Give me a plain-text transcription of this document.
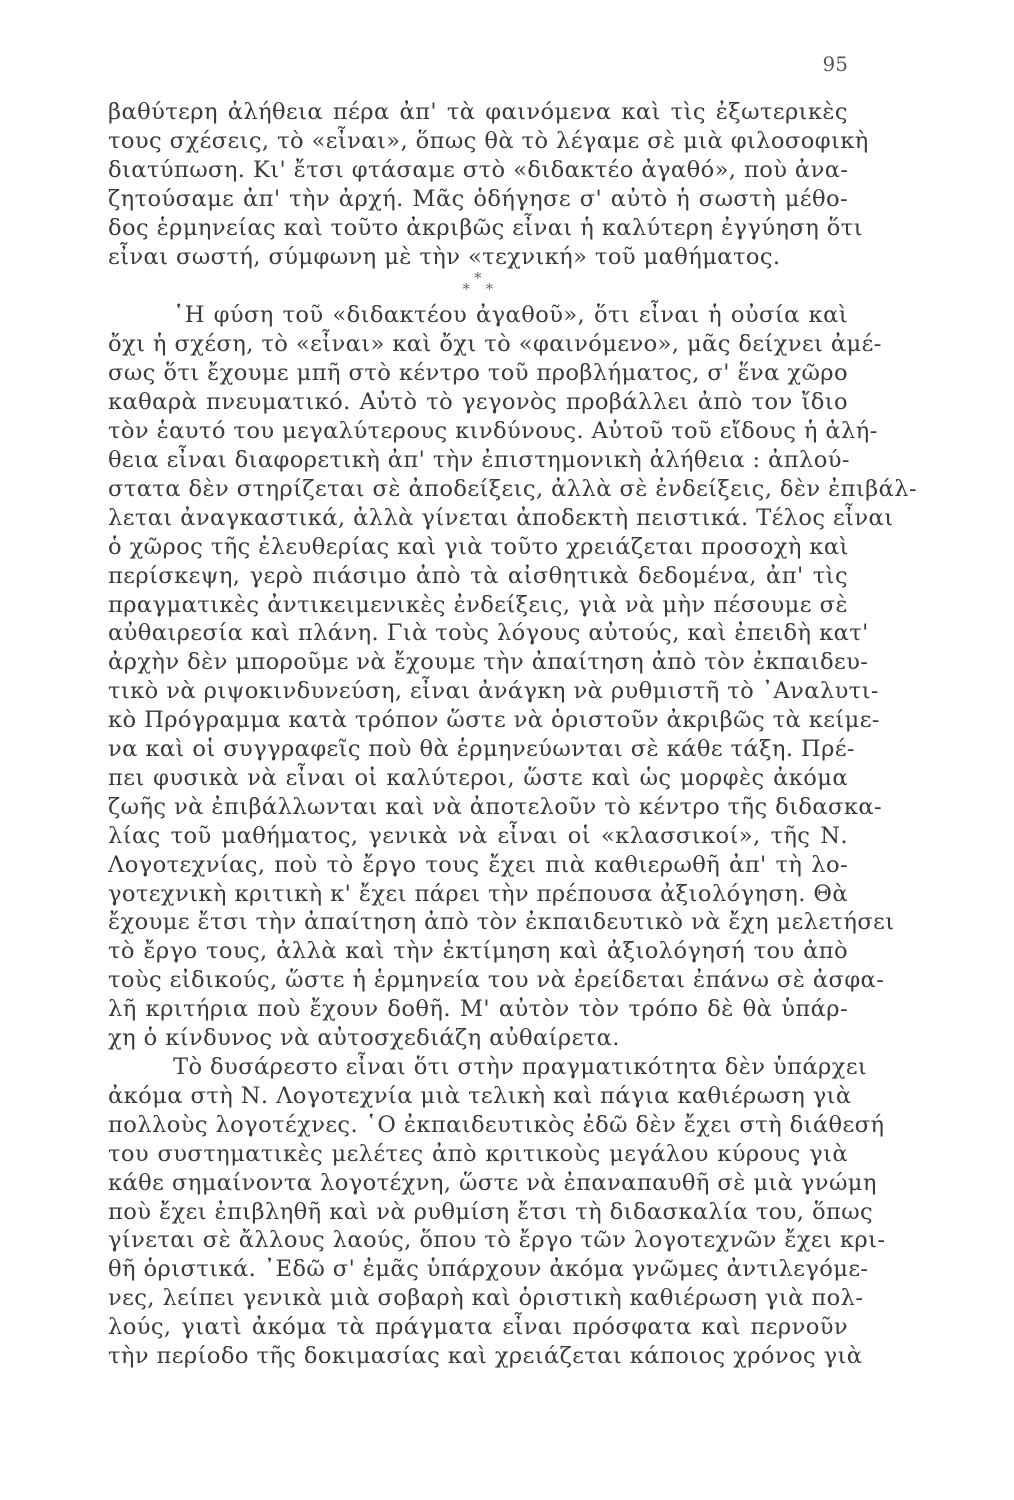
95
βαθύτερη ἀλήθεια πέρα ἀπ' τὰ φαινόμενα καὶ τὶς ἐξωτερικὲς
τους σχέσεις, τὸ «εἶναι», ὅπως θὰ τὸ λέγαμε σὲ μιὰ φιλοσοφικὴ
διατύπωση. Κι' ἔτσι φτάσαμε στὸ «διδακτέο ἀγαθό», ποὺ ἀνα-
ζητούσαμε ἀπ' τὴν ἀρχή. Μᾶς ὁδήγησε σ' αὐτὸ ἡ σωστὴ μέθο-
δος ἑρμηνείας καὶ τοῦτο ἀκριβῶς εἶναι ἡ καλύτερη ἐγγύηση ὅτι
εἶναι σωστή, σύμφωνη μὲ τὴν «τεχνική» τοῦ μαθήματος.
*
* *
῾Η φύση τοῦ «διδακτέου ἀγαθοῦ», ὅτι εἶναι ἡ οὐσία καὶ
ὄχι ἡ σχέση, τὸ «εἶναι» καὶ ὄχι τὸ «φαινόμενο», μᾶς δείχνει ἀμέ-
σως ὅτι ἔχουμε μπῆ στὸ κέντρο τοῦ προβλήματος, σ' ἕνα χῶρο
καθαρὰ πνευματικό. Αὐτὸ τὸ γεγονὸς προβάλλει ἀπὸ τον ἴδιο
τὸν ἑαυτό του μεγαλύτερους κινδύνους. Αὐτοῦ τοῦ εἴδους ἡ ἀλή-
θεια εἶναι διαφορετικὴ ἀπ' τὴν ἐπιστημονικὴ ἀλήθεια : ἀπλού-
στατα δὲν στηρίζεται σὲ ἀποδείξεις, ἀλλὰ σὲ ἐνδείξεις, δὲν ἐπιβάλ-
λεται ἀναγκαστικά, ἀλλὰ γίνεται ἀποδεκτὴ πειστικά. Τέλος εἶναι
ὁ χῶρος τῆς ἐλευθερίας καὶ γιὰ τοῦτο χρειάζεται προσοχὴ καὶ
περίσκεψη, γερὸ πιάσιμο ἀπὸ τὰ αἰσθητικὰ δεδομένα, ἀπ' τὶς
πραγματικὲς ἀντικειμενικὲς ἐνδείξεις, γιὰ νὰ μὴν πέσουμε σὲ
αὐθαιρεσία καὶ πλάνη. Γιὰ τοὺς λόγους αὐτούς, καὶ ἐπειδὴ κατ'
ἀρχὴν δὲν μποροῦμε νὰ ἔχουμε τὴν ἀπαίτηση ἀπὸ τὸν ἐκπαιδευ-
τικὸ νὰ ριψοκινδυνεύση, εἶναι ἀνάγκη νὰ ρυθμιστῆ τὸ ᾿Αναλυτι-
κὸ Πρόγραμμα κατὰ τρόπον ὥστε νὰ ὁριστοῦν ἀκριβῶς τὰ κείμε-
να καὶ οἱ συγγραφεῖς ποὺ θὰ ἑρμηνεύωνται σὲ κάθε τάξη. Πρέ-
πει φυσικὰ νὰ εἶναι οἱ καλύτεροι, ὥστε καὶ ὡς μορφὲς ἀκόμα
ζωῆς νὰ ἐπιβάλλωνται καὶ νὰ ἀποτελοῦν τὸ κέντρο τῆς διδασκα-
λίας τοῦ μαθήματος, γενικὰ νὰ εἶναι οἱ «κλασσικοί», τῆς Ν.
Λογοτεχνίας, ποὺ τὸ ἔργο τους ἔχει πιὰ καθιερωθῆ ἀπ' τὴ λο-
γοτεχνικὴ κριτικὴ κ' ἔχει πάρει τὴν πρέπουσα ἀξιολόγηση. Θὰ
ἔχουμε ἔτσι τὴν ἀπαίτηση ἀπὸ τὸν ἐκπαιδευτικὸ νὰ ἔχη μελετήσει
τὸ ἔργο τους, ἀλλὰ καὶ τὴν ἐκτίμηση καὶ ἀξιολόγησή του ἀπὸ
τοὺς εἰδικούς, ὥστε ἡ ἑρμηνεία του νὰ ἐρείδεται ἐπάνω σὲ ἀσφα-
λῆ κριτήρια ποὺ ἔχουν δοθῆ. Μ' αὐτὸν τὸν τρόπο δὲ θὰ ὑπάρ-
χη ὁ κίνδυνος νὰ αὐτοσχεδιάζη αὐθαίρετα.
Τὸ δυσάρεστο εἶναι ὅτι στὴν πραγματικότητα δὲν ὑπάρχει
ἀκόμα στὴ Ν. Λογοτεχνία μιὰ τελικὴ καὶ πάγια καθιέρωση γιὰ
πολλοὺς λογοτέχνες. ῾Ο ἐκπαιδευτικὸς ἐδῶ δὲν ἔχει στὴ διάθεσή
του συστηματικὲς μελέτες ἀπὸ κριτικοὺς μεγάλου κύρους γιὰ
κάθε σημαίνοντα λογοτέχνη, ὥστε νὰ ἐπαναπαυθῆ σὲ μιὰ γνώμη
ποὺ ἔχει ἐπιβληθῆ καὶ νὰ ρυθμίση ἔτσι τὴ διδασκαλία του, ὅπως
γίνεται σὲ ἄλλους λαούς, ὅπου τὸ ἔργο τῶν λογοτεχνῶν ἔχει κρι-
θῆ ὁριστικά. ᾿Εδῶ σ' ἐμᾶς ὑπάρχουν ἀκόμα γνῶμες ἀντιλεγόμε-
νες, λείπει γενικὰ μιὰ σοβαρὴ καὶ ὁριστικὴ καθιέρωση γιὰ πολ-
λούς, γιατὶ ἀκόμα τὰ πράγματα εἶναι πρόσφατα καὶ περνοῦν
τὴν περίοδο τῆς δοκιμασίας καὶ χρειάζεται κάποιος χρόνος γιὰ
